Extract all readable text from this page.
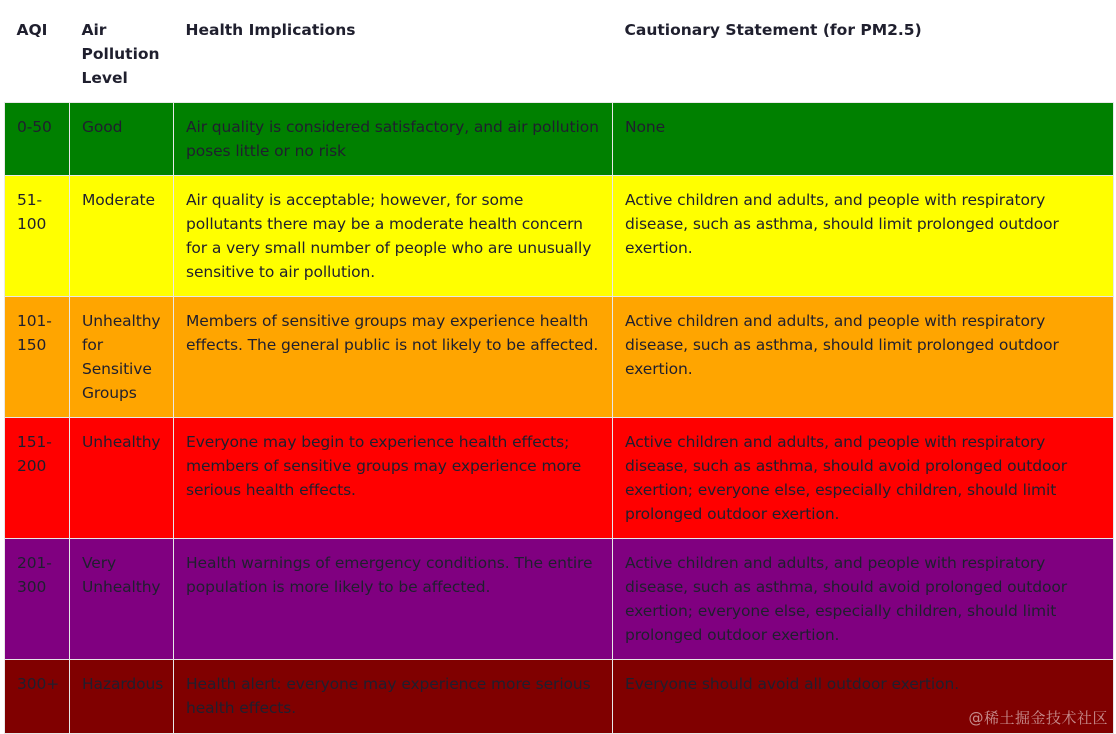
AQI	Air Pollution Level	Health Implications	Cautionary Statement (for PM2.5)
0-50	Good	Air quality is considered satisfactory, and air pollution poses little or no risk	None
51-100	Moderate	Air quality is acceptable; however, for some pollutants there may be a moderate health concern for a very small number of people who are unusually sensitive to air pollution.	Active children and adults, and people with respiratory disease, such as asthma, should limit prolonged outdoor exertion.
101-150	Unhealthy for Sensitive Groups	Members of sensitive groups may experience health effects. The general public is not likely to be affected.	Active children and adults, and people with respiratory disease, such as asthma, should limit prolonged outdoor exertion.
151-200	Unhealthy	Everyone may begin to experience health effects; members of sensitive groups may experience more serious health effects.	Active children and adults, and people with respiratory disease, such as asthma, should avoid prolonged outdoor exertion; everyone else, especially children, should limit prolonged outdoor exertion.
201-300	Very Unhealthy	Health warnings of emergency conditions. The entire population is more likely to be affected.	Active children and adults, and people with respiratory disease, such as asthma, should avoid prolonged outdoor exertion; everyone else, especially children, should limit prolonged outdoor exertion.
300+	Hazardous	Health alert: everyone may experience more serious health effects.	Everyone should avoid all outdoor exertion.
@稀土掘金技术社区
